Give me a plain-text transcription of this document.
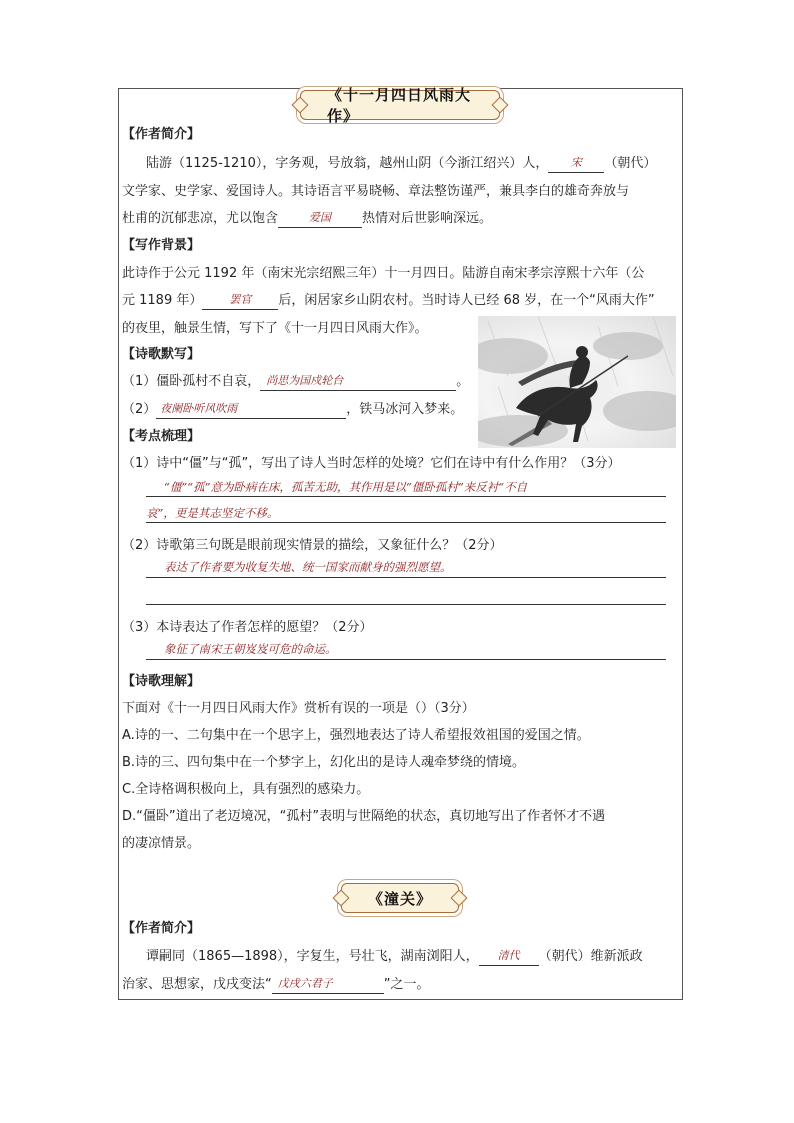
《十一月四日风雨大作》
【作者简介】
陆游（1125-1210），字务观，号放翁，越州山阴（今浙江绍兴）人， 宋 （朝代）
文学家、史学家、爱国诗人。其诗语言平易晓畅、章法整饬谨严，兼具李白的雄奇奔放与
杜甫的沉郁悲凉，尤以饱含	爱国 热情对后世影响深远。
【写作背景】
此诗作于公元 1192 年（南宋光宗绍熙三年）十一月四日。陆游自南宋孝宗淳熙十六年（公
元 1189 年） 罢官 后，闲居家乡山阴农村。当时诗人已经 68 岁，在一个“风雨大作”
的夜里，触景生情，写下了《十一月四日风雨大作》。
【诗歌默写】
（1）僵卧孤村不自哀， 尚思为国戍轮台	。
（2） 夜阑卧听风吹雨	，铁马冰河入梦来。
【考点梳理】
（1）诗中“僵”与“孤”，写出了诗人当时怎样的处境？它们在诗中有什么作用？（3分）
“僵”“孤”意为卧病在床，孤苦无助，其作用是以“僵卧孤村”来反衬“不自
哀”，更是其志坚定不移。
（2）诗歌第三句既是眼前现实情景的描绘，又象征什么？（2分）
表达了作者要为收复失地、统一国家而献身的强烈愿望。
（3）本诗表达了作者怎样的愿望？（2分）
象征了南宋王朝岌岌可危的命运。
【诗歌理解】
下面对《十一月四日风雨大作》赏析有误的一项是（）（3分）
A.诗的一、二句集中在一个思字上，强烈地表达了诗人希望报效祖国的爱国之情。
B.诗的三、四句集中在一个梦字上，幻化出的是诗人魂牵梦绕的情境。
C.全诗格调积极向上，具有强烈的感染力。
D.“僵卧”道出了老迈境况，“孤村”表明与世隔绝的状态，真切地写出了作者怀才不遇
的凄凉情景。
《潼关》
【作者简介】
谭嗣同（1865—1898），字复生，号壮飞，湖南浏阳人， 清代 （朝代）维新派政
治家、思想家，戊戌变法“ 戊戌六君子	”之一。
